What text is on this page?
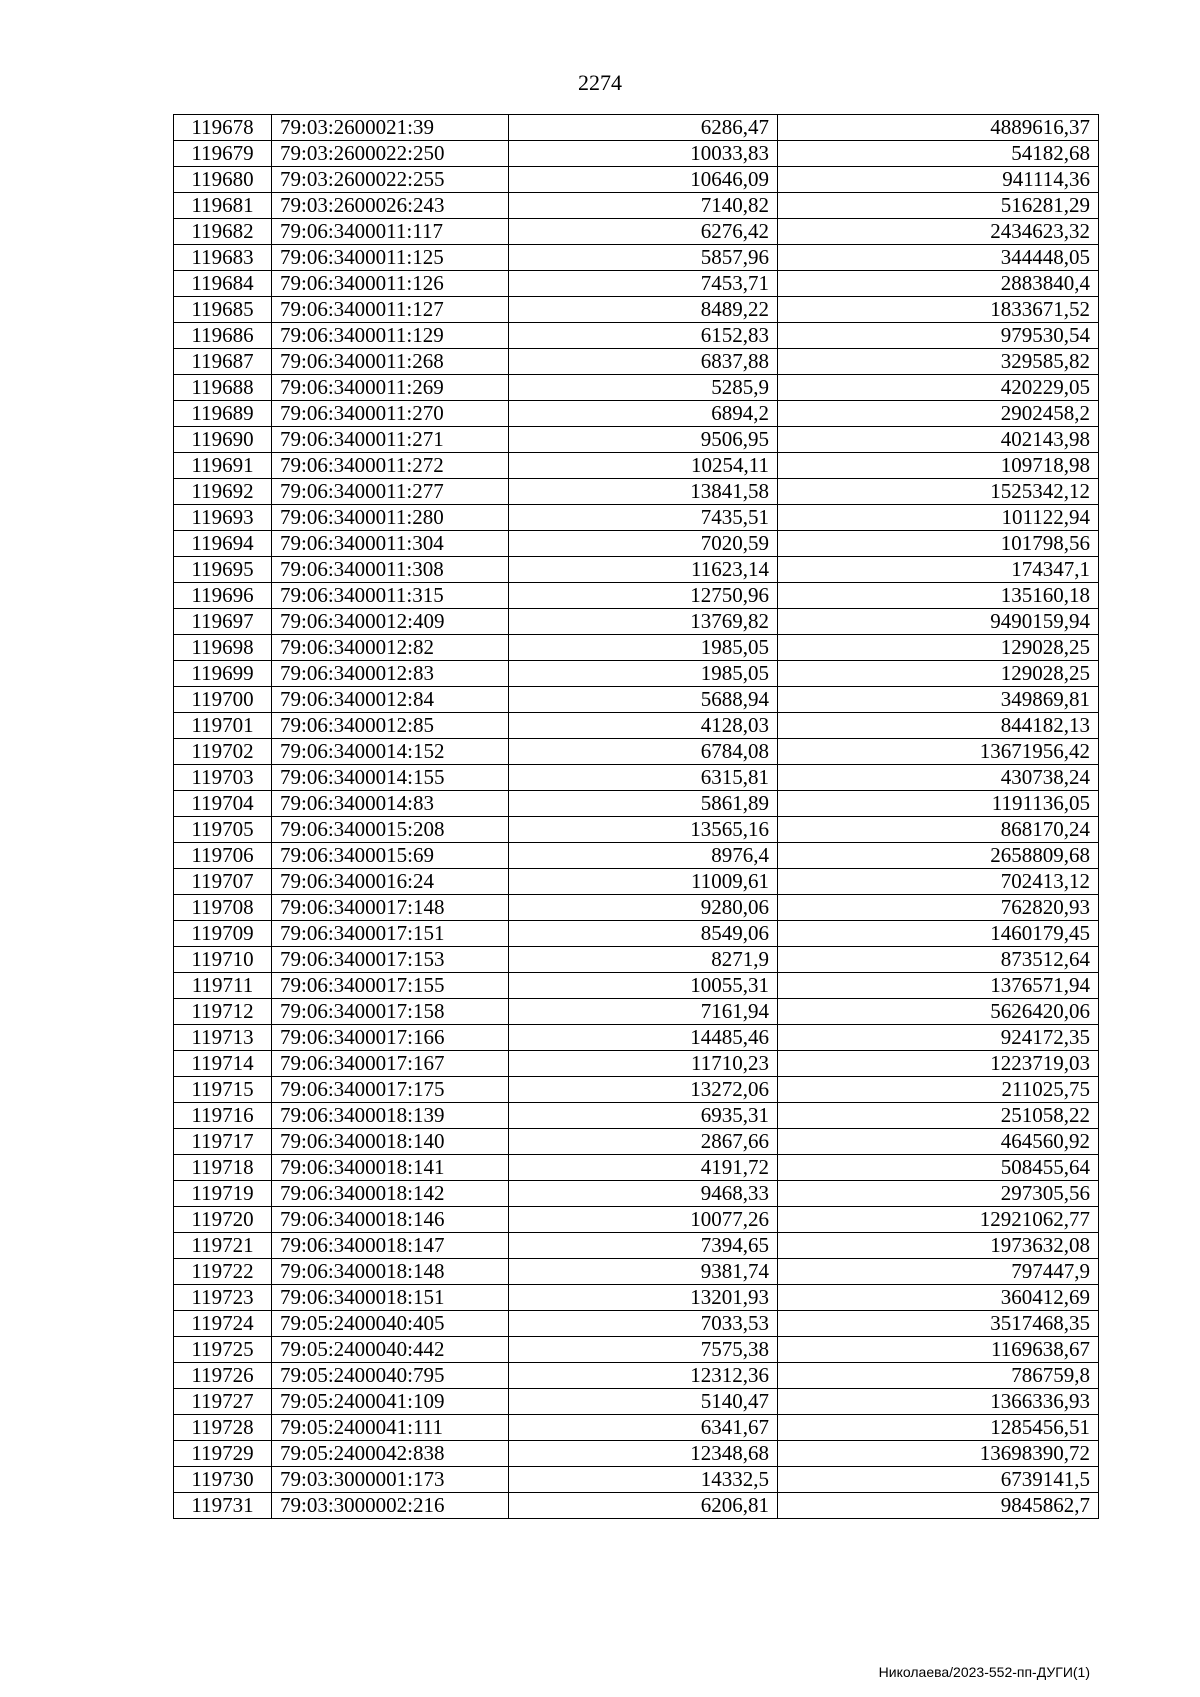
2274
119678	79:03:2600021:39	6286,47	4889616,37
119679	79:03:2600022:250	10033,83	54182,68
119680	79:03:2600022:255	10646,09	941114,36
119681	79:03:2600026:243	7140,82	516281,29
119682	79:06:3400011:117	6276,42	2434623,32
119683	79:06:3400011:125	5857,96	344448,05
119684	79:06:3400011:126	7453,71	2883840,4
119685	79:06:3400011:127	8489,22	1833671,52
119686	79:06:3400011:129	6152,83	979530,54
119687	79:06:3400011:268	6837,88	329585,82
119688	79:06:3400011:269	5285,9	420229,05
119689	79:06:3400011:270	6894,2	2902458,2
119690	79:06:3400011:271	9506,95	402143,98
119691	79:06:3400011:272	10254,11	109718,98
119692	79:06:3400011:277	13841,58	1525342,12
119693	79:06:3400011:280	7435,51	101122,94
119694	79:06:3400011:304	7020,59	101798,56
119695	79:06:3400011:308	11623,14	174347,1
119696	79:06:3400011:315	12750,96	135160,18
119697	79:06:3400012:409	13769,82	9490159,94
119698	79:06:3400012:82	1985,05	129028,25
119699	79:06:3400012:83	1985,05	129028,25
119700	79:06:3400012:84	5688,94	349869,81
119701	79:06:3400012:85	4128,03	844182,13
119702	79:06:3400014:152	6784,08	13671956,42
119703	79:06:3400014:155	6315,81	430738,24
119704	79:06:3400014:83	5861,89	1191136,05
119705	79:06:3400015:208	13565,16	868170,24
119706	79:06:3400015:69	8976,4	2658809,68
119707	79:06:3400016:24	11009,61	702413,12
119708	79:06:3400017:148	9280,06	762820,93
119709	79:06:3400017:151	8549,06	1460179,45
119710	79:06:3400017:153	8271,9	873512,64
119711	79:06:3400017:155	10055,31	1376571,94
119712	79:06:3400017:158	7161,94	5626420,06
119713	79:06:3400017:166	14485,46	924172,35
119714	79:06:3400017:167	11710,23	1223719,03
119715	79:06:3400017:175	13272,06	211025,75
119716	79:06:3400018:139	6935,31	251058,22
119717	79:06:3400018:140	2867,66	464560,92
119718	79:06:3400018:141	4191,72	508455,64
119719	79:06:3400018:142	9468,33	297305,56
119720	79:06:3400018:146	10077,26	12921062,77
119721	79:06:3400018:147	7394,65	1973632,08
119722	79:06:3400018:148	9381,74	797447,9
119723	79:06:3400018:151	13201,93	360412,69
119724	79:05:2400040:405	7033,53	3517468,35
119725	79:05:2400040:442	7575,38	1169638,67
119726	79:05:2400040:795	12312,36	786759,8
119727	79:05:2400041:109	5140,47	1366336,93
119728	79:05:2400041:111	6341,67	1285456,51
119729	79:05:2400042:838	12348,68	13698390,72
119730	79:03:3000001:173	14332,5	6739141,5
119731	79:03:3000002:216	6206,81	9845862,7
Николаева/2023-552-пп-ДУГИ(1)
